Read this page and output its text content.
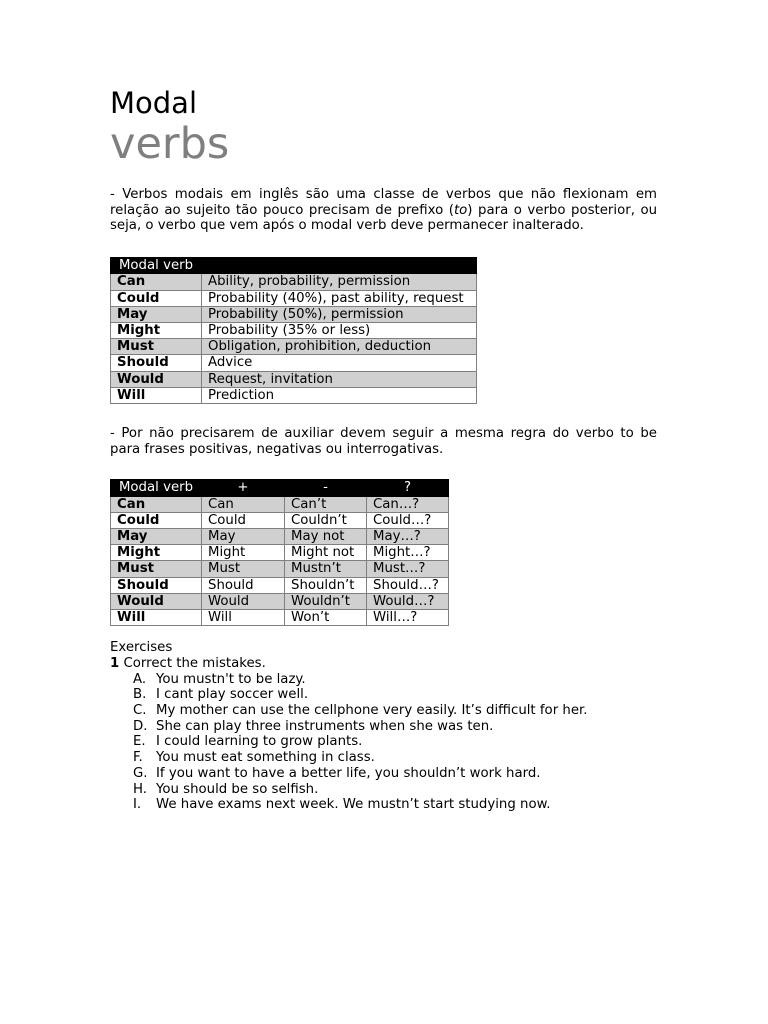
Modal
verbs

- Verbos modais em inglês são uma classe de verbos que não flexionam em relação ao sujeito tão pouco precisam de prefixo (to) para o verbo posterior, ou seja, o verbo que vem após o modal verb deve permanecer inalterado.

Modal verb	
Can	Ability, probability, permission
Could	Probability (40%), past ability, request
May	Probability (50%), permission
Might	Probability (35% or less)
Must	Obligation, prohibition, deduction
Should	Advice
Would	Request, invitation
Will	Prediction

- Por não precisarem de auxiliar devem seguir a mesma regra do verbo to be para frases positivas, negativas ou interrogativas.

Modal verb	+	-	?
Can	Can	Can’t	Can…?
Could	Could	Couldn’t	Could…?
May	May	May not	May…?
Might	Might	Might not	Might…?
Must	Must	Mustn’t	Must…?
Should	Should	Shouldn’t	Should…?
Would	Would	Wouldn’t	Would…?
Will	Will	Won’t	Will…?

Exercises

1 Correct the mistakes.

A. You mustn't to be lazy.
B. I cant play soccer well.
C. My mother can use the cellphone very easily. It’s difficult for her.
D. She can play three instruments when she was ten.
E. I could learning to grow plants.
F. You must eat something in class.
G. If you want to have a better life, you shouldn’t work hard.
H. You should be so selfish.
I.	We have exams next week. We mustn’t start studying now.
